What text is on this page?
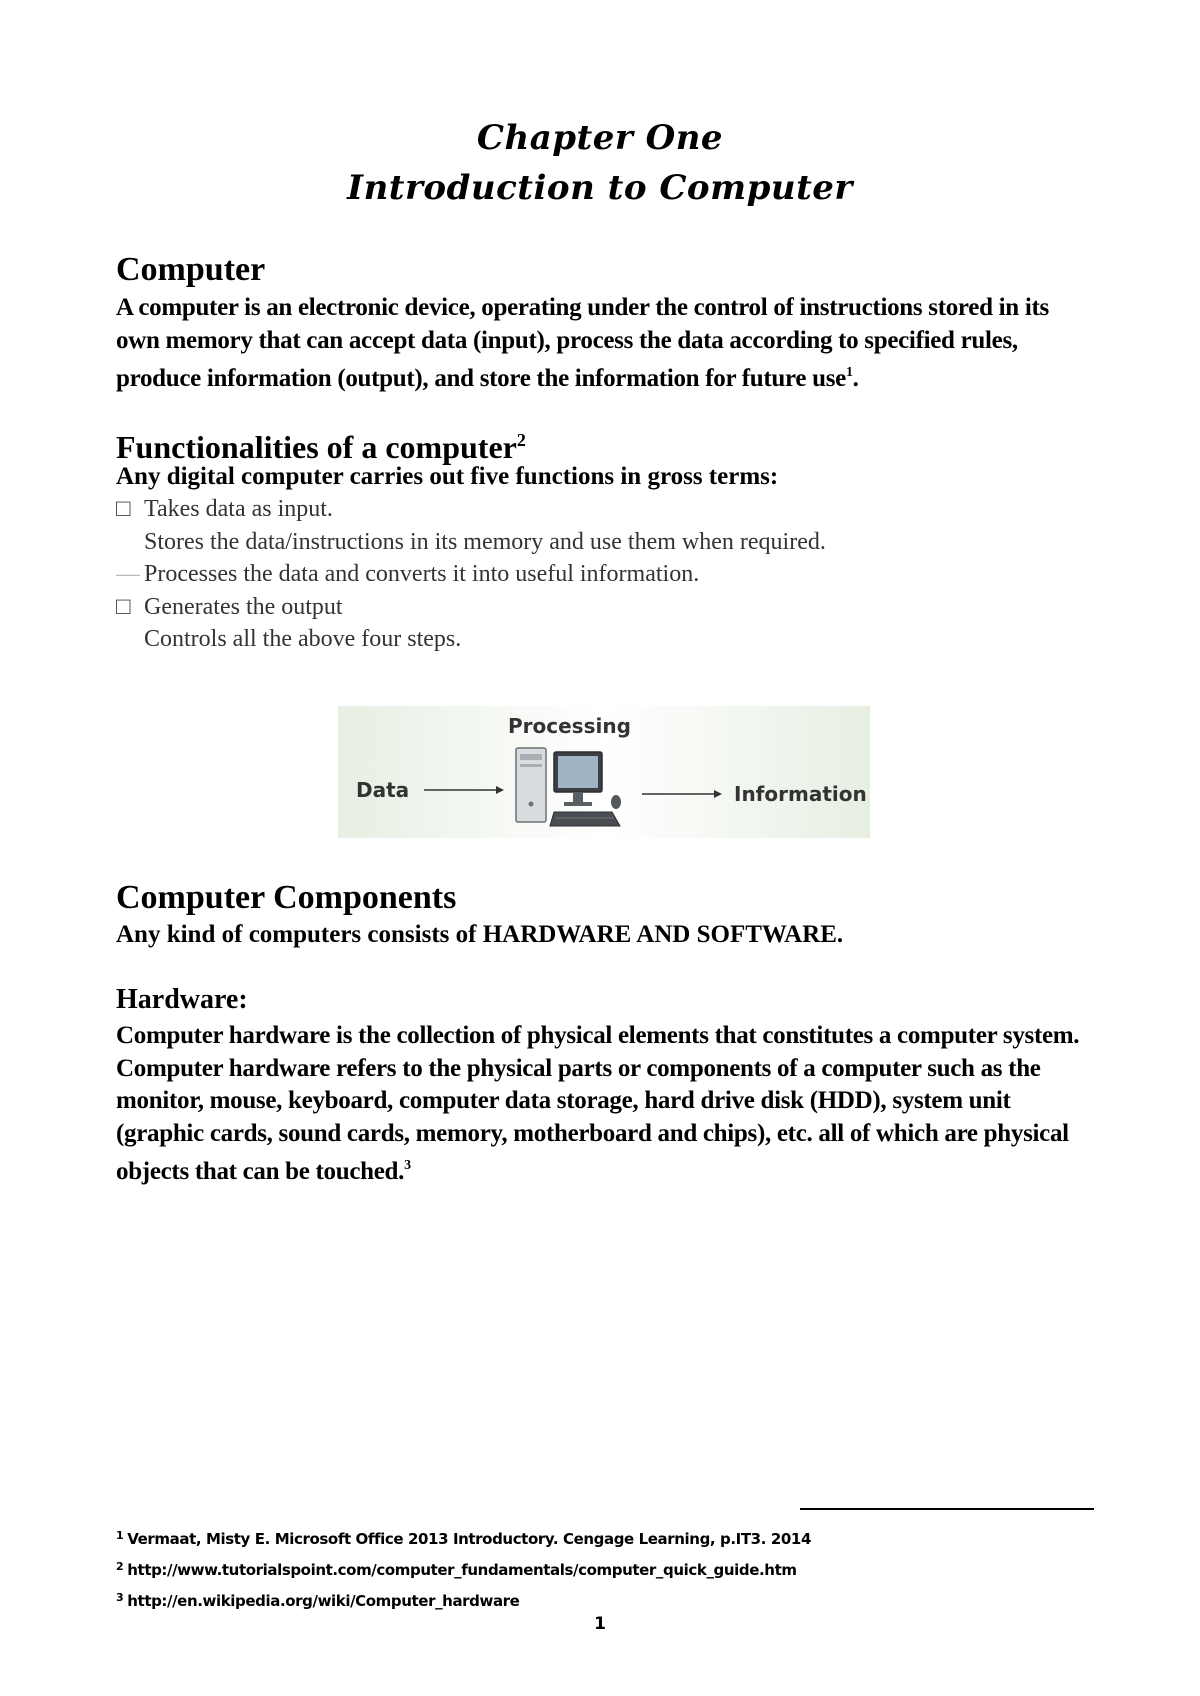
Chapter One
Introduction to Computer
Computer
A computer is an electronic device, operating under the control of instructions stored in its own memory that can accept data (input), process the data according to specified rules, produce information (output), and store the information for future use$^1$.
Functionalities of a computer$^2$
Any digital computer carries out five functions in gross terms:
□ Takes data as input.
Stores the data/instructions in its memory and use them when required.
— Processes the data and converts it into useful information.
□ Generates the output
Controls all the above four steps.
Processing
Data	Information
Computer Components
Any kind of computers consists of HARDWARE AND SOFTWARE.
Hardware:
Computer hardware is the collection of physical elements that constitutes a computer system. Computer hardware refers to the physical parts or components of a computer such as the monitor, mouse, keyboard, computer data storage, hard drive disk (HDD), system unit (graphic cards, sound cards, memory, motherboard and chips), etc. all of which are physical objects that can be touched.$^3$
$^1$ Vermaat, Misty E. Microsoft Office 2013 Introductory. Cengage Learning, p.IT3. 2014
$^2$ http://www.tutorialspoint.com/computer_fundamentals/computer_quick_guide.htm
$^3$ http://en.wikipedia.org/wiki/Computer_hardware
1
